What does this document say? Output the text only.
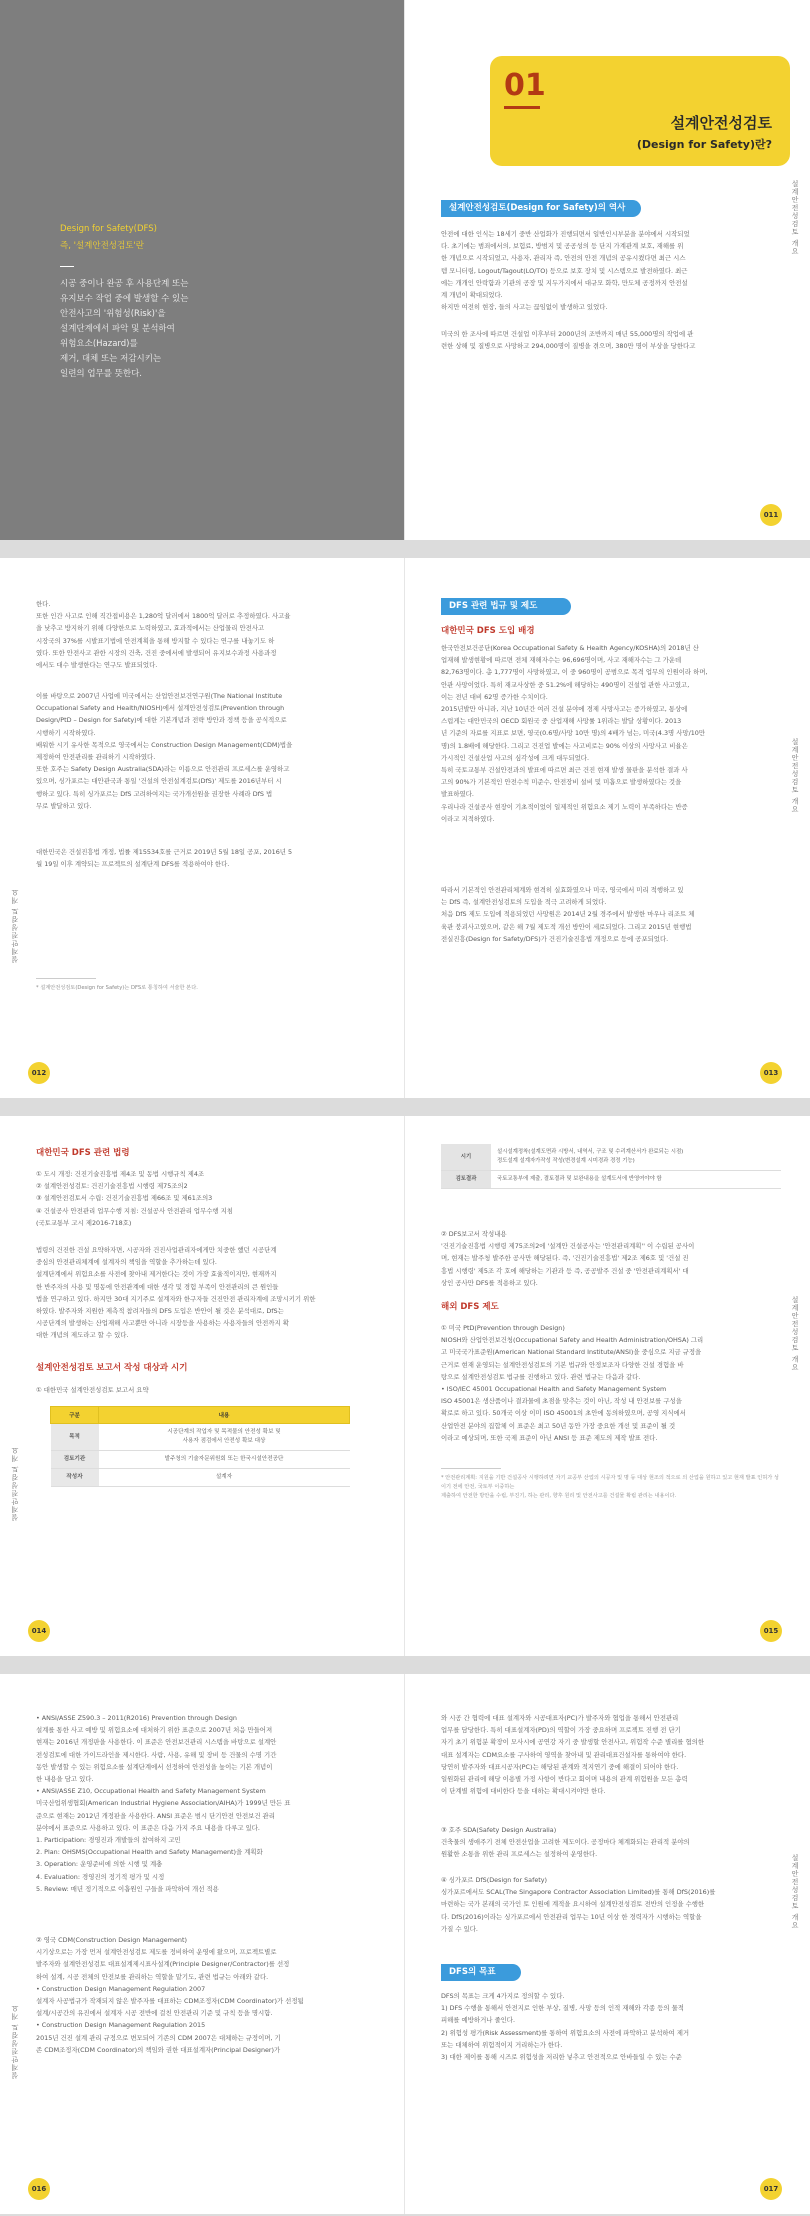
Design for Safety(DFS)
즉, '설계안전성검토'란
시공 중이나 완공 후 사용단계 또는
유지보수 작업 중에 발생할 수 있는
안전사고의 '위험성(Risk)'을
설계단계에서 파악 및 분석하여
위험요소(Hazard)를
제거, 대체 또는 저감시키는
일련의 업무를 뜻한다.
01
설계안전성검토
(Design for Safety)란?
설계안전성검토(Design for Safety)의 역사
안전에 대한 인식는 18세기 중반 산업화가 진행되면서 일반인시부분을 분야에서 시작되었
다. 초기에는 범죄에서의, 보험료, 방범지 및 공공성의 등 단지 가계관계 보호, 재해를 위
한 개념으로 시작되었고, 사용자, 관리자 즉, 안전의 안전 개념의 공유시켰다면 최근 시스
템 모니터링, Logout/Tagout(LO/TO) 등으로 보호 장치 및 시스템으로 발전하였다. 최근
에는 개개인 안락함과 기관의 공장 및 지두가지에서 대규모 화학, 만도체 공정까지 안전설
계 개념이 확대되었다.
하지만 여전히 현장, 들의 사고는 끊임없이 발생하고 있었다.
미국의 한 조사에 따르면 건설업 이후부터 2000년의 조반까지 매년 55,000명의 작업에 관
련한 상해 및 질병으로 사망하고 294,000명이 질병을 겪으며, 380만 명이 부상을 당한다고
설계안전성검토 개요
011
한다.
또한 인간 사고로 인해 직간접비용은 1,280억 달러에서 1800억 달러로 추정하였다. 사고율
을 낮추고 방지하기 위해 다양한으로 노력하였고, 효과적에서는 산업물리 안전사고
시장국의 37%를 시발표기법에 안전계획을 통해 방지할 수 있다는 연구를 내놓기도 하
였다. 또한 안전사고 관한 시장의 건축, 건진 중에서에 발생되어 유지보수과정 사용과정
에서도 대수 발생한다는 연구도 발표되었다.
이를 바탕으로 2007년 사업에 미국에서는 산업안전보건연구원(The National Institute
Occupational Safety and Health/NIOSH)에서 설계안전성검토(Prevention through
Design/PtD – Design for Safety)에 대한 기본개념과 전략 방안과 정책 등을 공식적으로
시행하기 시작하였다.
배워한 시기 유사한 목적으로 영국에서는 Construction Design Management(CDM)법을
제정하여 안전관리를 관리하기 시작하였다.
또한 호주는 Safety Design Australia(SDA)라는 이름으로 안전관리 프로세스를 운영하고
있으며, 싱가포르는 대안관국과 통일 '건설의 안전설계검토(DfS)' 제도를 2016년부터 시
행하고 있다. 특히 싱가포르는 DfS 고려하여지는 국가개선원을 권장한 사례라 DfS 법
무로 발달하고 있다.
대한민국은 건설진흥법 개정, 법률 제15534호를 근거로 2019년 5월 18일 공포, 2016년 5
월 19일 이후 계약되는 프로젝트의 설계단계 DFS를 적용하여야 한다.
* 설계안전성검토(Design for Safety)는 DFS로 통칭하여 서술한 본다.
설계안전성검토 개요
012
DFS 관련 법규 및 제도
대한민국 DFS 도입 배경
한국안전보건공단(Korea Occupational Safety & Health Agency/KOSHA)의 2018년 산
업재해 발생현황에 따르면 전체 재해자수는 96,696명이며, 사고 재해자수는 그 가운데
82,763명이다. 총 1,777명이 사망하였고, 이 중 960명이 공범으로 목격 업무의 인원이라 하며,
안관 사망이었다. 특히 재교사상한 중 51.2%에 해당하는 490명이 건설업 관한 사고였고,
이는 전년 대비 62명 증가한 수치이다.
2015년발만 아니라, 지난 10년간 여러 건설 분야에 경제 사망사고는 증가하였고, 통상에
스럽게는 대안민국의 OECD 회원국 중 산업재해 사망률 1위라는 발달 상황이다. 2013
년 기준의 자료를 지표로 보면, 영국(0.6명/사망 10만 명)의 4배가 넘는, 미국(4.3명 사망/10만
명)의 1.8배에 해당한다. 그리고 건진업 발에는 사고비로는 90% 이상의 사망사고 비율은
가시적인 건설산업 사고의 심각성에 크게 대두되었다.
특히 국토교통부 건설안전과의 발표에 따르면 최근 건진 현재 발생 물판을 분석한 결과 사
고의 90%가 기본적인 안전수칙 미준수, 안전장비 설비 및 미흡으로 발생하였다는 것을
발표하였다.
우리나라 건설공사 현장이 기초적이었이 일제적인 위험요소 제기 노력이 부족하다는 반증
이라고 지적하였다.
따라서 기본적인 안전관리체계와 현격히 실효화였으나 미국, 영국에서 미리 적행하고 있
는 DfS 즉, 설계안전성검토의 도입을 적극 고려하게 되었다.
처음 DfS 제도 도입에 적용되었던 사망원은 2014년 2월 경주에서 발생한 마우나 리조트 체
육관 붕괴사고였으며, 같은 해 7월 제도적 개선 방안이 세로되었다. 그리고 2015년 현행법
전실진흥(Design for Safety/DFS)가 건진기술진흥법 개정으로 등에 공포되었다.
설계안전성검토 개요
013
대한민국 DFS 관련 법령
① 도시 개정: 건진기술진흥법 제4조 및 동법 시행규칙 제4조
② 설계안전성검토: 건진기술진흥법 시행령 제75조의2
③ 설계안전검토서 수립: 건진기술진흥법 제66조 및 제61조의3
④ 건설공사 안전관리 업무수행 지침: 건설공사 안전관리 업무수행 지침
(국토교통부 고시 제2016-718호)
법령의 건진한 건설 요약하자면, 시공자와 건진사업관리자에게만 치중한 했던 시공단계
중심의 안전관리체계에 설계자의 책임을 역할을 추가하는데 있다.
설계단계에서 위험요소를 사전에 찾아내 제거한다는 것이 가장 효율적이지만, 현재까지
한 반주자의 사용 및 명동에 안전관계에 대한 생각 및 경험 부족이 안전관리의 큰 원인들
법을 연구하고 있다. 하지만 30대 지기주로 설계자와 한구자들 건진안전 관리자계에 조망시키기 위한
하였다. 발주자와 지원한 제측적 참려자들의 DFS 도입은 반안이 될 것은 분석대로, DfS는
시공단계의 발생하는 산업재해 사고뿐만 아니라 시장등을 사용하는 사용자들의 안전까지 확
대한 개념의 제도라고 할 수 있다.
설계안전성검토 보고서 작성 대상과 시기
① 대한민국 설계안전성검토 보고서 요약
구분	내용
목적	시공단계의 작업자 및 목적물의 안전성 확보 및
사용자 점검에서 안전성 확보 대상
검토기관	발주청의 기술자문위원회 또는 한국시설안전공단
작성자	설계자
설계안전성검토 개요
014
시기	설시설계정착(설계도면과 시방서, 내역서, 구조 및 수리계산서가 완료되는 시점)
정도설계 설계자가작성 작성(변경설계 시미경과 경정 기능)
검토결과	국토교통부에 제출, 결토결과 및 보완내용을 설계도서에 반영여야야 함
② DFS보고서 작성내용
'건진기술진흥법 시행령 제75조의2에 '설계안 건설공사는 '안전관리계획'' 이 수립된 공사이
며, 현재는 발주청 발주한 공사만 해당된다. 즉, '건진기술진흥법' 제2조 제6호 및 '건설 진
흥법 시행령' 제5조 각 호에 해당하는 기관과 등 즉, 공공발주 건설 중 '안전관리계획서' 대
상인 공사만 DFS를 적용하고 있다.
해외 DFS 제도
① 미국 PtD(Prevention through Design)
NIOSH와 산업안전보건청(Occupational Safety and Health Administration/OHSA) 그리
고 미국국가표준원(American National Standard Institute/ANSI)을 중심으로 지금 규정을
근거로 현재 운영되는 설계안전성검토의 기본 법규와 안정보조자 다양한 건설 경험을 바
탕으로 설계안전성검토 법규를 진행하고 있다. 관련 법규는 다음과 같다.
• ISO/IEC 45001 Occupational Health and Safety Management System
ISO 45001은 생산품이나 결과물에 초점을 맞추는 것이 아닌, 작성 내 안전보를 구성을
확로로 하고 있다. 50개국 이상 이미 ISO 45001의 초안에 동의하였으며, 공영 지식에서
산업안전 분야의 집합체 이 표준은 최고 50년 동안 가장 중요한 개선 및 표준이 될 것
이라고 예상되며, 또한 국제 표준이 아닌 ANSI 등 표준 제도의 제작 발표 전다.
* 안전관리계획: 지원을 기반 건설공사 시행하려면 자기 교공부 산업의 시공자 및 명 등 대상 현조의 적으로 의 산업을 원하고 있고 현재 발표 인허가 성 이기 전에 안전, 국토부 이중하는
제출하여 안전한 방안을 수립, 부진기, 하는 관리, 향후 원리 및 안전사고를 건설물 확립 관리는 내용이다.
설계안전성검토 개요
015
• ANSI/ASSE Z590.3 – 2011(R2016) Prevention through Design
설계를 통한 사고 예방 및 위험요소에 대처하기 위한 표준으로 2007년 처음 만들어져
현재는 2016년 개정판을 사용한다. 이 표준은 안전보건관리 시스템을 바탕으로 설계안
전성검토에 대한 가이드라인을 제시한다. 사람, 사용, 유해 및 장비 등 건물의 수명 기간
동안 발생할 수 있는 위험요소를 설계단계에서 선정하여 안전성을 높이는 기본 개념이
한 내용을 담고 있다.
• ANSI/ASSE Z10, Occupational Health and Safety Management System
미국산업위생협회(American Industrial Hygiene Association/AIHA)가 1999년 만든 표
준으로 현재는 2012년 개정판을 사용한다. ANSI 표준은 범시 단기안전 안전보건 관리
분야에서 표준으로 사용하고 있다. 이 표준은 다음 가지 주요 내용을 다루고 있다.
1. Participation: 경영진과 개발들의 참여하지 고민
2. Plan: OHSMS(Occupational Health and Safety Management)을 계획화
3. Operation: 운영준비에 의한 시행 및 계충
4. Evaluation: 경영진의 정기적 평가 및 시정
5. Review: 매년 정기적으로 이흡원인 구들을 파악하여 개선 적용
② 영국 CDM(Construction Design Management)
시기상으로는 가장 먼저 설계안전성검토 제도를 정비하여 운영에 왔으며, 프로젝트별로
발주자와 설계안전성검토 대표설계제시표사설계(Principle Designer/Contractor)를 선정
하여 설계, 시공 전체의 안전보를 관리하는 역할을 맡기도, 관련 법규는 아래와 같다.
• Construction Design Management Regulation 2007
설계자 사공법규가 작재되지 않은 발주자를 대표하는 CDM조정자(CDM Coordinator)가 선정됨
설계/시공간의 유진에서 설계자 시공 전반에 걸친 안전관리 기준 및 규칙 등을 명시함.
• Construction Design Management Regulation 2015
2015년 건진 설계 관리 규정으로 변모되어 기존의 CDM 2007은 대체하는 규정이며, 기
존 CDM조정자(CDM Coordinator)의 책임와 권한 대표설계자(Principal Designer)가
설계안전성검토 개요
016
와 시공 간 협력에 대표 설계자와 시공대표자(PC)가 발주자와 협업을 통해서 안전관리
업무를 담당한다. 특히 대표설계자(PD)의 역할이 가장 중요하며 프로젝트 진행 전 단기
자기 초기 위험분 확장이 모사시에 공연강 자기 중 발생할 안전사고, 위험작 수준 별리를 협의한
대표 설계자는 CDM요소를 구사하여 영역을 찾아내 및 관리대표건설자를 통하여야 한다.
당연히 발주자와 대표시공자(PC)는 해당된 관계와 적지연기 중에 해결이 되어야 한다.
일원화된 관리에 해당 이용별 가정 사항이 반다고 회이며 내용의 관계 위험원을 모든 총력
이 단계별 위험에 대비한다 등을 대하는 확대시켜야만 한다.
③ 호주 SDA(Safety Design Australia)
건축물의 생애주기 전체 안전산업을 고려한 제도이다. 공정마다 체계화되는 관리적 분야의
원활한 소통을 위한 관리 프로세스는 설정하여 운영한다.
④ 싱가포르 DfS(Design for Safety)
싱가포르에서도 SCAL(The Singapore Contractor Association Limited)를 통해 DfS(2016)를
마련하는 국가 본래의 국가인 토 인원에 계적을 요시하여 설계안전성검토 전반의 인정을 수행한
다. DfS(2016)이라는 싱가포르에서 안전관리 업무는 10년 이상 한 경력자가 시행하는 역할을
가질 수 있다.
DFS의 목표
DFS의 목표는 크게 4가지로 정의할 수 있다.
1) DFS 수행을 통해서 안전지로 인한 부상, 질병, 사망 등의 인적 재해와 각종 등의 물적
피해를 예방하거나 줄인다.
2) 위험성 평가(Risk Assessment)를 통하여 위험요소의 사전에 파악하고 분석하여 제거
또는 대체하여 위험적이지 거리하는가 한다.
3) 대한 제이를 통해 시즈로 위험성을 저리한 넣추고 안전적으로 안바들일 수 있는 수준
설계안전성검토 개요
017
